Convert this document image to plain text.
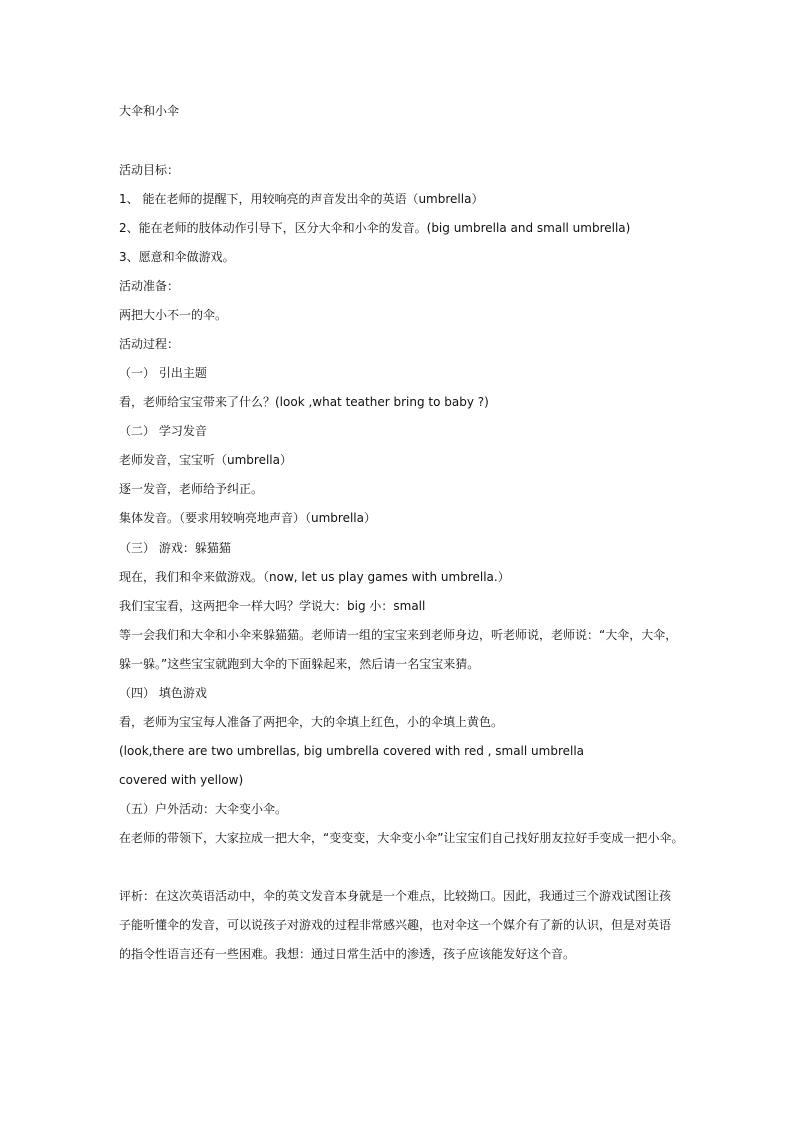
大伞和小伞
活动目标：
1、 能在老师的提醒下，用较响亮的声音发出伞的英语（umbrella）
2、能在老师的肢体动作引导下，区分大伞和小伞的发音。(big umbrella and small umbrella)
3、愿意和伞做游戏。
活动准备：
两把大小不一的伞。
活动过程：
（一） 引出主题
看，老师给宝宝带来了什么？(look ,what teather bring to baby ?)
（二） 学习发音
老师发音，宝宝听（umbrella）
逐一发音，老师给予纠正。
集体发音。（要求用较响亮地声音）（umbrella）
（三） 游戏：躲猫猫
现在，我们和伞来做游戏。（now, let us play games with umbrella.）
我们宝宝看，这两把伞一样大吗？学说大：big 小：small
等一会我们和大伞和小伞来躲猫猫。老师请一组的宝宝来到老师身边，听老师说，老师说：“大伞，大伞，
躲一躲。”这些宝宝就跑到大伞的下面躲起来，然后请一名宝宝来猜。
（四） 填色游戏
看，老师为宝宝每人准备了两把伞，大的伞填上红色，小的伞填上黄色。
(look,there are two umbrellas, big umbrella covered with red , small umbrella
covered with yellow)
（五）户外活动：大伞变小伞。
在老师的带领下，大家拉成一把大伞，“变变变，大伞变小伞”让宝宝们自己找好朋友拉好手变成一把小伞。
评析：在这次英语活动中，伞的英文发音本身就是一个难点，比较拗口。因此，我通过三个游戏试图让孩
子能听懂伞的发音，可以说孩子对游戏的过程非常感兴趣，也对伞这一个媒介有了新的认识，但是对英语
的指令性语言还有一些困难。我想：通过日常生活中的渗透，孩子应该能发好这个音。
